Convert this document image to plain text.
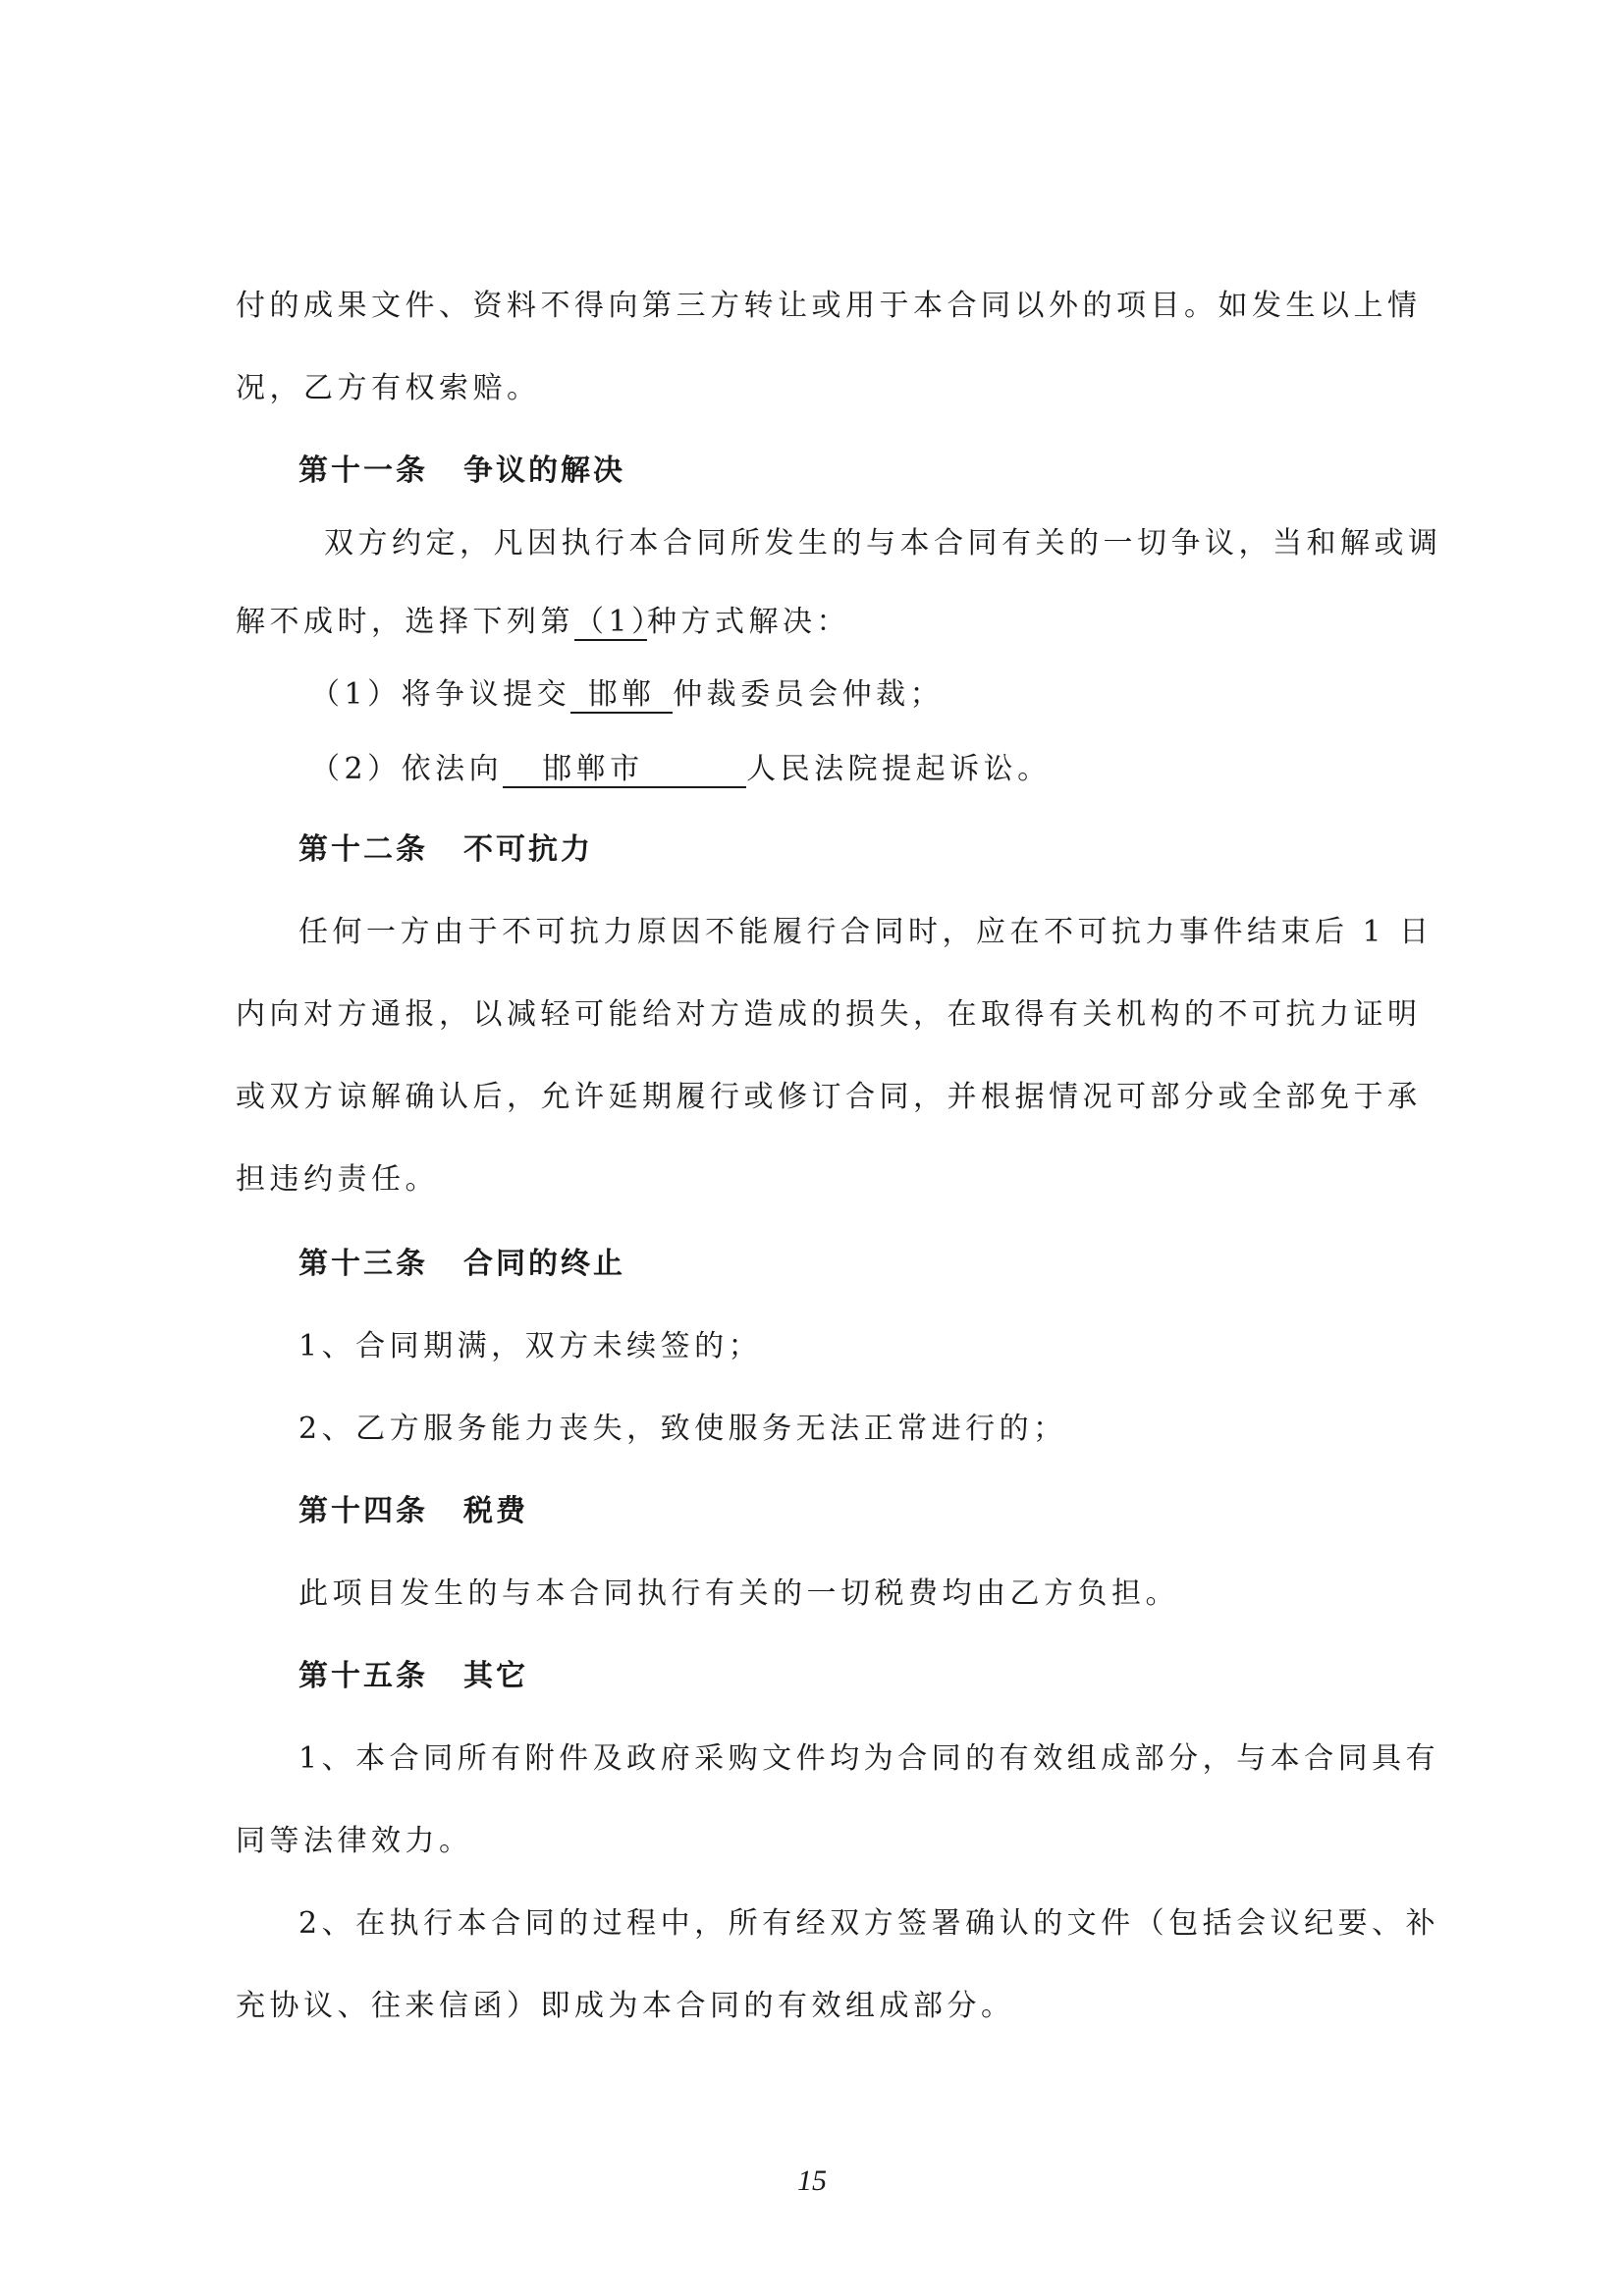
付的成果文件、资料不得向第三方转让或用于本合同以外的项目。如发生以上情
况，乙方有权索赔。
第十一条 争议的解决
双方约定，凡因执行本合同所发生的与本合同有关的一切争议，当和解或调
解不成时，选择下列第（1）种方式解决：
（1）将争议提交 邯郸 仲裁委员会仲裁；
（2）依法向 邯郸市	人民法院提起诉讼。
第十二条 不可抗力
任何一方由于不可抗力原因不能履行合同时，应在不可抗力事件结束后 1 日
内向对方通报，以减轻可能给对方造成的损失，在取得有关机构的不可抗力证明
或双方谅解确认后，允许延期履行或修订合同，并根据情况可部分或全部免于承
担违约责任。
第十三条 合同的终止
1、合同期满，双方未续签的；
2、乙方服务能力丧失，致使服务无法正常进行的；
第十四条 税费
此项目发生的与本合同执行有关的一切税费均由乙方负担。
第十五条 其它
1、本合同所有附件及政府采购文件均为合同的有效组成部分，与本合同具有
同等法律效力。
2、在执行本合同的过程中，所有经双方签署确认的文件（包括会议纪要、补
充协议、往来信函）即成为本合同的有效组成部分。
15
